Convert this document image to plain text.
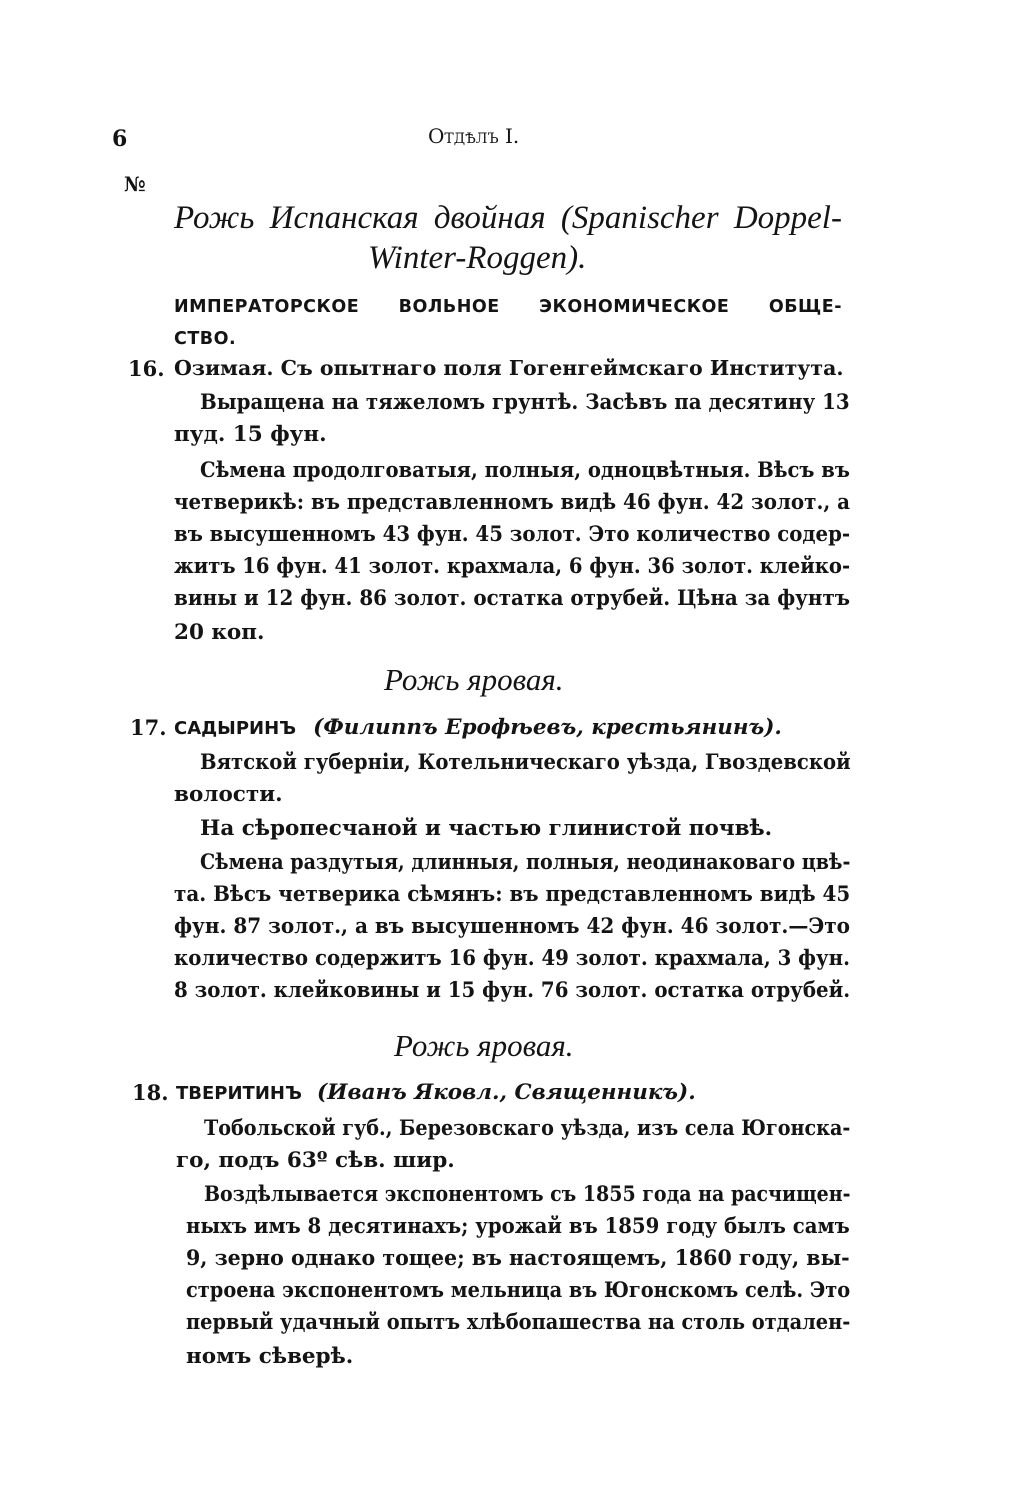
6	Отдѣлъ I.
№
Рожь Испанская двойная (Spanischer Doppel-
Winter-Roggen).
ИМПЕРАТОРСКОЕ ВОЛЬНОЕ ЭКОНОМИЧЕСКОЕ ОБЩЕ-
СТВО.
16. Озимая. Съ опытнаго поля Гогенгеймскаго Института.
Выращена на тяжеломъ грунтѣ. Засѣвъ па десятину 13
пуд. 15 фун.
Сѣмена продолговатыя, полныя, одноцвѣтныя. Вѣсъ въ
четверикѣ: въ представленномъ видѣ 46 фун. 42 золот., а
въ высушенномъ 43 фун. 45 золот. Это количество содер-
житъ 16 фун. 41 золот. крахмала, 6 фун. 36 золот. клейко-
вины и 12 фун. 86 золот. остатка отрубей. Цѣна за фунтъ
20 коп.
Рожь яровая.
17. САДЫРИНЪ (Филиппъ Ерофѣевъ, крестьянинъ).
Вятской губерніи, Котельническаго уѣзда, Гвоздевской
волости.
На сѣропесчаной и частью глинистой почвѣ.
Сѣмена раздутыя, длинныя, полныя, неодинаковаго цвѣ-
та. Вѣсъ четверика сѣмянъ: въ представленномъ видѣ 45
фун. 87 золот., а въ высушенномъ 42 фун. 46 золот.—Это
количество содержитъ 16 фун. 49 золот. крахмала, 3 фун.
8 золот. клейковины и 15 фун. 76 золот. остатка отрубей.
Рожь яровая.
18. ТВЕРИТИНЪ (Иванъ Яковл., Священникъ).
Тобольской губ., Березовскаго уѣзда, изъ села Югонска-
го, подъ 63º сѣв. шир.
Воздѣлывается экспонентомъ съ 1855 года на расчищен-
ныхъ имъ 8 десятинахъ; урожай въ 1859 году былъ самъ
9, зерно однако тощее; въ настоящемъ, 1860 году, вы-
строена экспонентомъ мельница въ Югонскомъ селѣ. Это
первый удачный опытъ хлѣбопашества на столь отдален-
номъ сѣверѣ.
